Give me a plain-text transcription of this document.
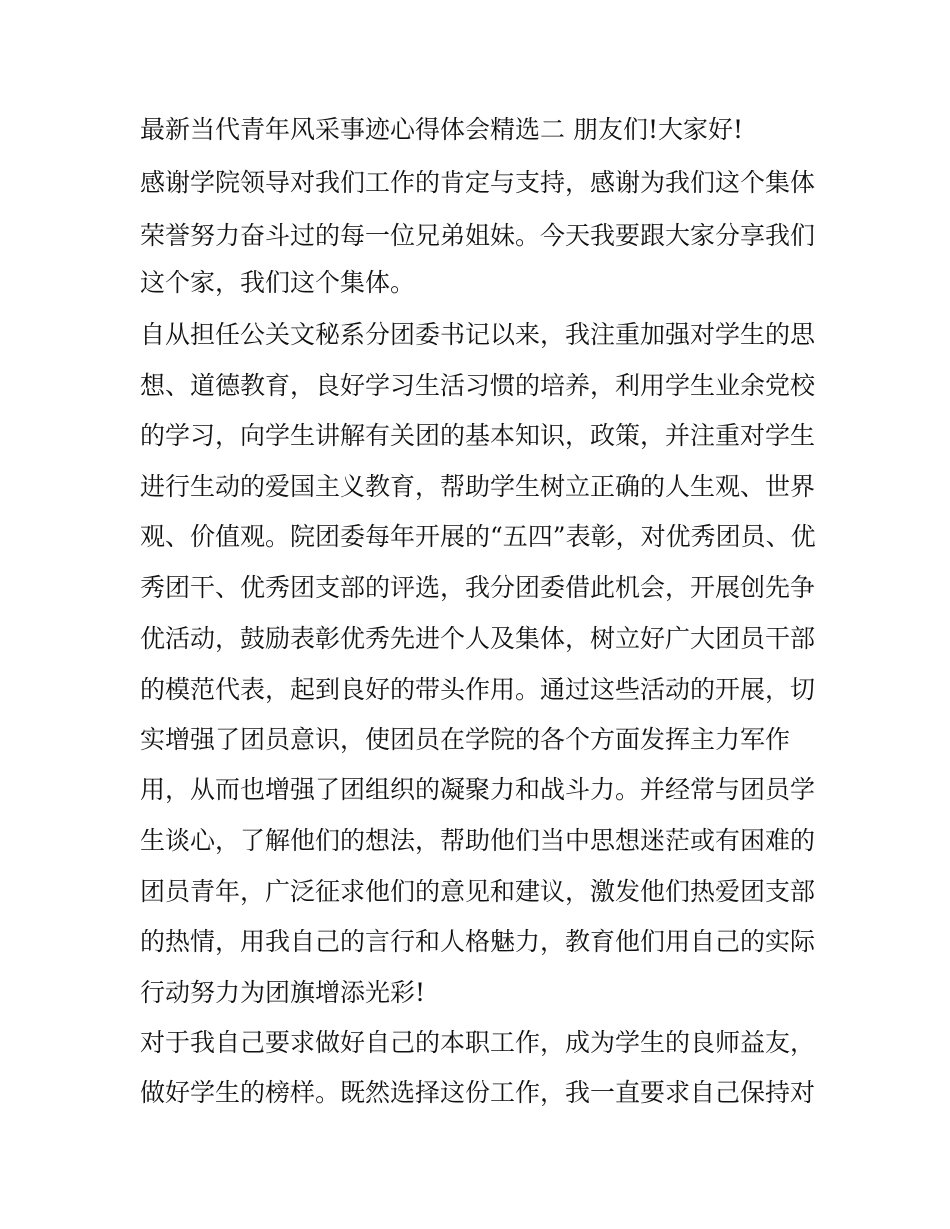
最新当代青年风采事迹心得体会精选二 朋友们!大家好!
感谢学院领导对我们工作的肯定与支持，感谢为我们这个集体
荣誉努力奋斗过的每一位兄弟姐妹。今天我要跟大家分享我们
这个家，我们这个集体。
自从担任公关文秘系分团委书记以来，我注重加强对学生的思
想、道德教育，良好学习生活习惯的培养，利用学生业余党校
的学习，向学生讲解有关团的基本知识，政策，并注重对学生
进行生动的爱国主义教育，帮助学生树立正确的人生观、世界
观、价值观。院团委每年开展的“五四”表彰，对优秀团员、优
秀团干、优秀团支部的评选，我分团委借此机会，开展创先争
优活动，鼓励表彰优秀先进个人及集体，树立好广大团员干部
的模范代表，起到良好的带头作用。通过这些活动的开展，切
实增强了团员意识，使团员在学院的各个方面发挥主力军作
用，从而也增强了团组织的凝聚力和战斗力。并经常与团员学
生谈心，了解他们的想法，帮助他们当中思想迷茫或有困难的
团员青年，广泛征求他们的意见和建议，激发他们热爱团支部
的热情，用我自己的言行和人格魅力，教育他们用自己的实际
行动努力为团旗增添光彩!
对于我自己要求做好自己的本职工作，成为学生的良师益友，
做好学生的榜样。既然选择这份工作，我一直要求自己保持对
